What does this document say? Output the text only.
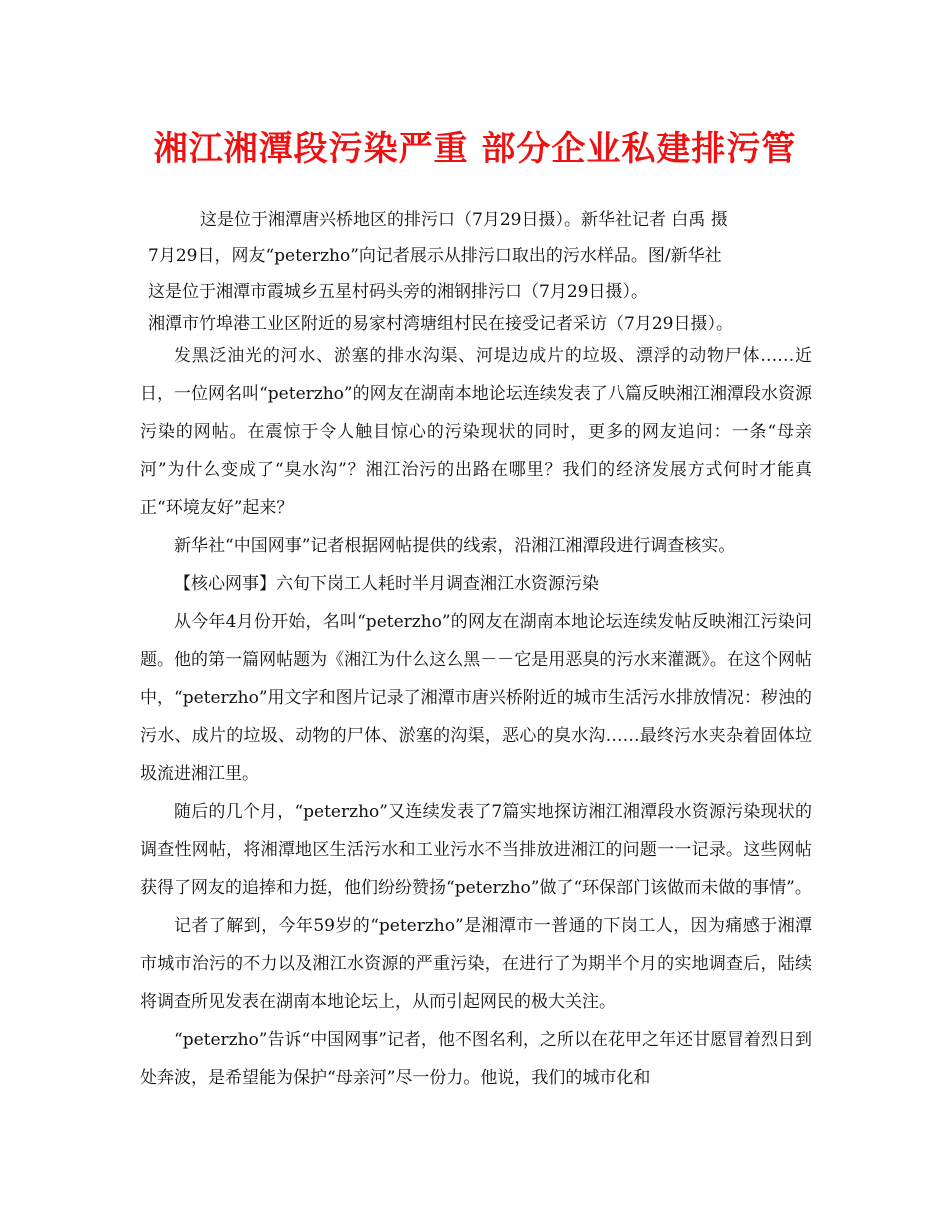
湘江湘潭段污染严重 部分企业私建排污管

这是位于湘潭唐兴桥地区的排污口（7月29日摄）。新华社记者 白禹 摄

7月29日，网友“peterzho”向记者展示从排污口取出的污水样品。图/新华社

这是位于湘潭市霞城乡五星村码头旁的湘钢排污口（7月29日摄）。

湘潭市竹埠港工业区附近的易家村湾塘组村民在接受记者采访（7月29日摄）。

发黑泛油光的河水、淤塞的排水沟渠、河堤边成片的垃圾、漂浮的动物尸体……近日，一位网名叫“peterzho”的网友在湖南本地论坛连续发表了八篇反映湘江湘潭段水资源污染的网帖。在震惊于令人触目惊心的污染现状的同时，更多的网友追问：一条“母亲河”为什么变成了“臭水沟”？湘江治污的出路在哪里？我们的经济发展方式何时才能真正“环境友好”起来？

新华社“中国网事”记者根据网帖提供的线索，沿湘江湘潭段进行调查核实。

【核心网事】六旬下岗工人耗时半月调查湘江水资源污染

从今年4月份开始，名叫“peterzho”的网友在湖南本地论坛连续发帖反映湘江污染问题。他的第一篇网帖题为《湘江为什么这么黑－－它是用恶臭的污水来灌溉》。在这个网帖中，“peterzho”用文字和图片记录了湘潭市唐兴桥附近的城市生活污水排放情况：秽浊的污水、成片的垃圾、动物的尸体、淤塞的沟渠，恶心的臭水沟……最终污水夹杂着固体垃圾流进湘江里。

随后的几个月，“peterzho”又连续发表了7篇实地探访湘江湘潭段水资源污染现状的调查性网帖，将湘潭地区生活污水和工业污水不当排放进湘江的问题一一记录。这些网帖获得了网友的追捧和力挺，他们纷纷赞扬“peterzho”做了“环保部门该做而未做的事情”。

记者了解到，今年59岁的“peterzho”是湘潭市一普通的下岗工人，因为痛感于湘潭市城市治污的不力以及湘江水资源的严重污染，在进行了为期半个月的实地调查后，陆续将调查所见发表在湖南本地论坛上，从而引起网民的极大关注。

“peterzho”告诉“中国网事”记者，他不图名利，之所以在花甲之年还甘愿冒着烈日到处奔波，是希望能为保护“母亲河”尽一份力。他说，我们的城市化和
